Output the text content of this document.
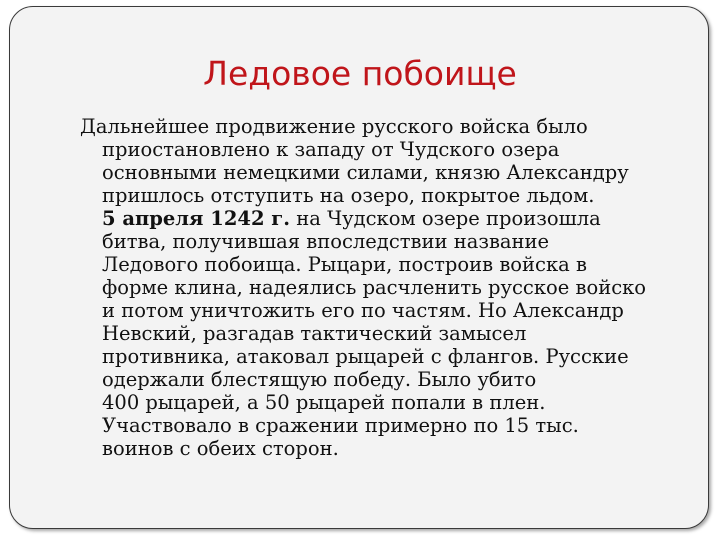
Ледовое побоище
Дальнейшее продвижение русского войска было
приостановлено к западу от Чудского озера
основными немецкими силами, князю Александру
пришлось отступить на озеро, покрытое льдом.
5 апреля 1242 г. на Чудском озере произошла
битва, получившая впоследствии название
Ледового побоища. Рыцари, построив войска в
форме клина, надеялись расчленить русское войско
и потом уничтожить его по частям. Но Александр
Невский, разгадав тактический замысел
противника, атаковал рыцарей с флангов. Русские
одержали блестящую победу. Было убито
400 рыцарей, а 50 рыцарей попали в плен.
Участвовало в сражении примерно по 15 тыс.
воинов с обеих сторон.
